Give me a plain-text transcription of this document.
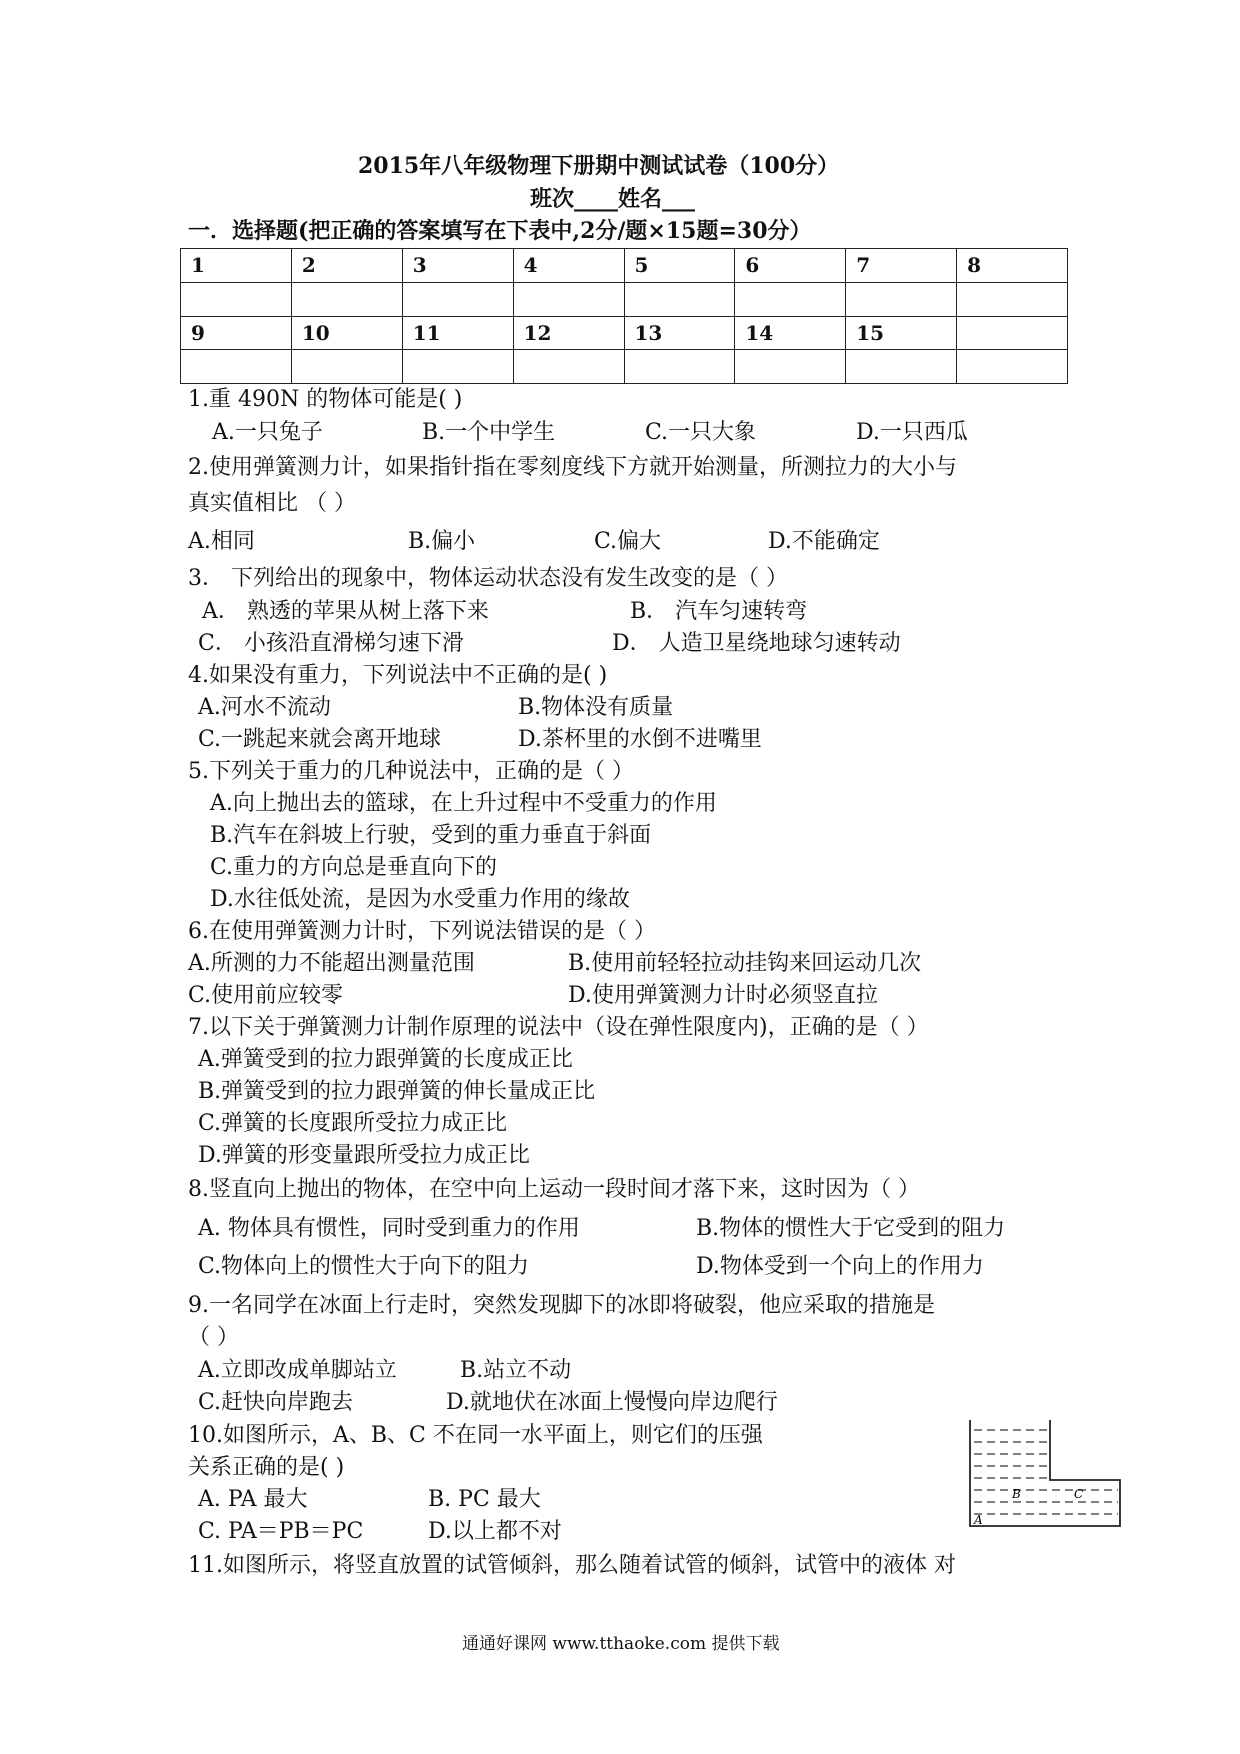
2015年八年级物理下册期中测试试卷（100分）
班次____姓名___
一．选择题(把正确的答案填写在下表中,2分/题×15题=30分）
1	2	3	4	5	6	7	8

9	10	11	12	13	14	15	

1.重 490N 的物体可能是( )
A.一只兔子	B.一个中学生	C.一只大象	D.一只西瓜
2.使用弹簧测力计，如果指针指在零刻度线下方就开始测量，所测拉力的大小与
真实值相比 （ ）
A.相同	B.偏小	C.偏大	D.不能确定
3． 下列给出的现象中，物体运动状态没有发生改变的是（ ）
A． 熟透的苹果从树上落下来	B． 汽车匀速转弯
C． 小孩沿直滑梯匀速下滑	D． 人造卫星绕地球匀速转动
4.如果没有重力，下列说法中不正确的是( )
A.河水不流动	B.物体没有质量
C.一跳起来就会离开地球	D.茶杯里的水倒不进嘴里
5.下列关于重力的几种说法中，正确的是（ ）
A.向上抛出去的篮球，在上升过程中不受重力的作用
B.汽车在斜坡上行驶，受到的重力垂直于斜面
C.重力的方向总是垂直向下的
D.水往低处流，是因为水受重力作用的缘故
6.在使用弹簧测力计时，下列说法错误的是（ ）
A.所测的力不能超出测量范围	B.使用前轻轻拉动挂钩来回运动几次
C.使用前应较零	D.使用弹簧测力计时必须竖直拉
7.以下关于弹簧测力计制作原理的说法中（设在弹性限度内)，正确的是（ ）
A.弹簧受到的拉力跟弹簧的长度成正比
B.弹簧受到的拉力跟弹簧的伸长量成正比
C.弹簧的长度跟所受拉力成正比
D.弹簧的形变量跟所受拉力成正比
8.竖直向上抛出的物体，在空中向上运动一段时间才落下来，这时因为（ ）
A. 物体具有惯性，同时受到重力的作用	B.物体的惯性大于它受到的阻力
C.物体向上的惯性大于向下的阻力	D.物体受到一个向上的作用力
9.一名同学在冰面上行走时，突然发现脚下的冰即将破裂，他应采取的措施是
（ ）
A.立即改成单脚站立	B.站立不动
C.赶快向岸跑去	D.就地伏在冰面上慢慢向岸边爬行
10.如图所示，A、B、C 不在同一水平面上，则它们的压强
关系正确的是( )
A. PA 最大	B. PC 最大
C. PA＝PB＝PC	D.以上都不对
11.如图所示，将竖直放置的试管倾斜，那么随着试管的倾斜，试管中的液体 对
A
B	C
通通好课网 www.tthaoke.com 提供下载
